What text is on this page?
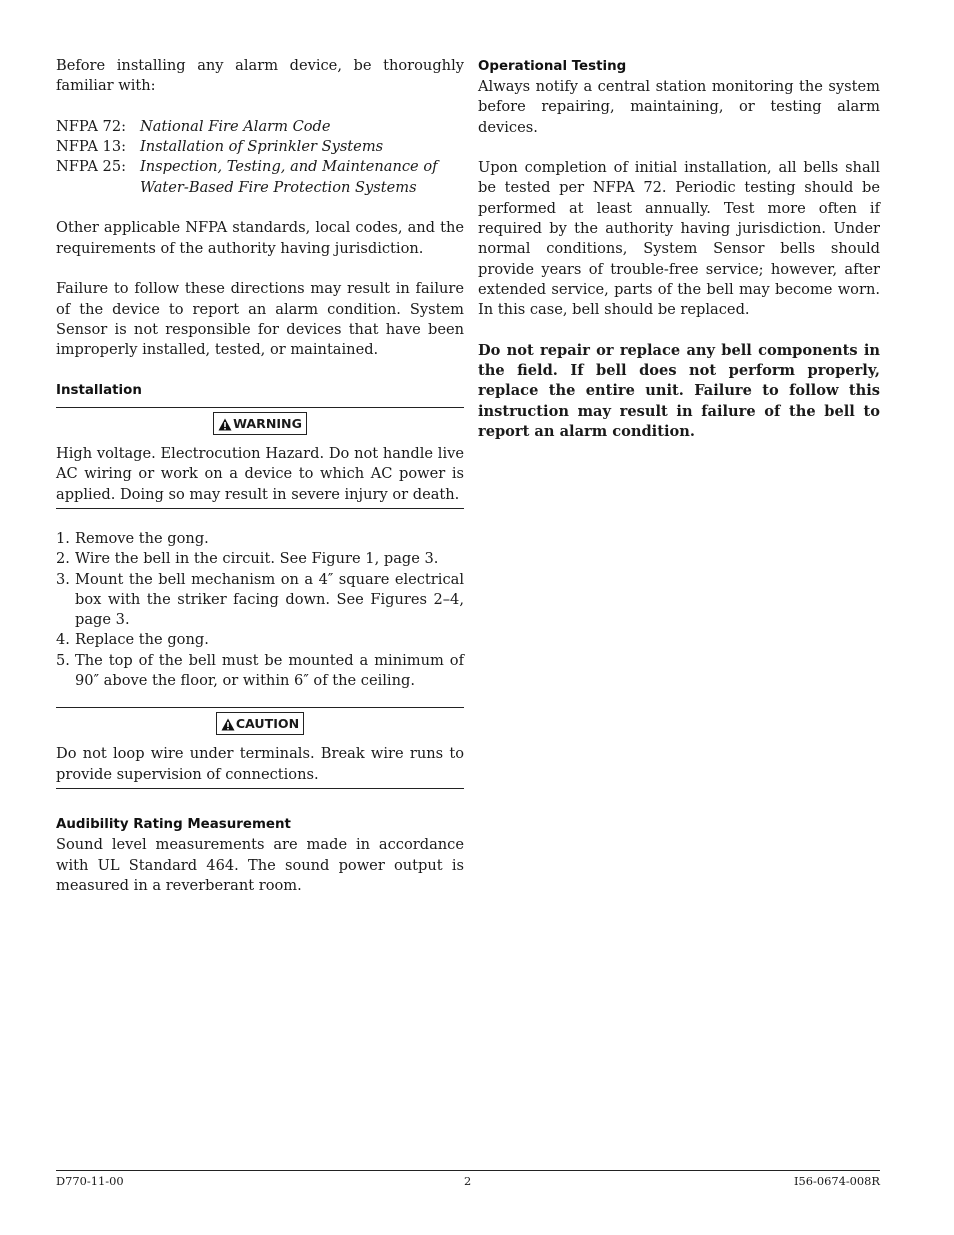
Before installing any alarm device, be thoroughly familiar with:

NFPA 72: National Fire Alarm Code
NFPA 13: Installation of Sprinkler Systems
NFPA 25: Inspection, Testing, and Maintenance of Water-Based Fire Protection Systems

Other applicable NFPA standards, local codes, and the requirements of the authority having jurisdiction.

Failure to follow these directions may result in failure of the device to report an alarm condition. System Sensor is not responsible for devices that have been improperly installed, tested, or maintained.

Installation
WARNING

High voltage. Electrocution Hazard. Do not handle live AC wiring or work on a device to which AC power is applied. Doing so may result in severe injury or death.

1. Remove the gong.
2. Wire the bell in the circuit. See Figure 1, page 3.
3. Mount the bell mechanism on a 4″ square electrical box with the striker facing down. See Figures 2–4, page 3.
4. Replace the gong.
5. The top of the bell must be mounted a minimum of 90″ above the floor, or within 6″ of the ceiling.
CAUTION

Do not loop wire under terminals. Break wire runs to provide supervision of connections.

Audibility Rating Measurement

Sound level measurements are made in accordance with UL Standard 464. The sound power output is measured in a reverberant room.

Operational Testing

Always notify a central station monitoring the system before repairing, maintaining, or testing alarm devices.

Upon completion of initial installation, all bells shall be tested per NFPA 72. Periodic testing should be performed at least annually. Test more often if required by the authority having jurisdiction. Under normal conditions, System Sensor bells should provide years of trouble-free service; however, after extended service, parts of the bell may become worn. In this case, bell should be replaced.

Do not repair or replace any bell components in the field. If bell does not perform properly, replace the entire unit. Failure to follow this instruction may result in failure of the bell to report an alarm condition.

D770-11-00	2	I56-0674-008R
